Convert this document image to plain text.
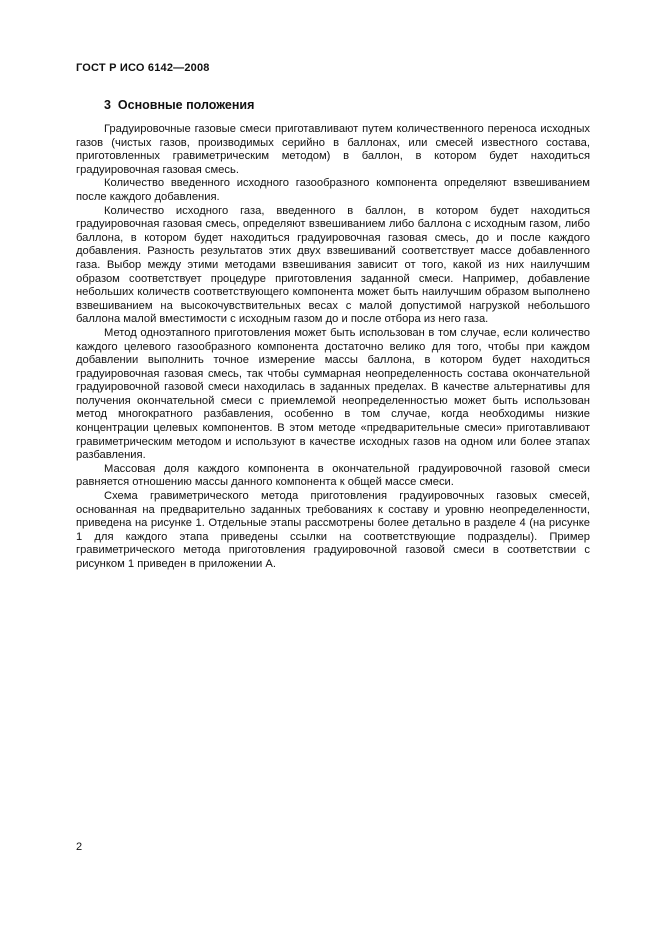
ГОСТ Р ИСО 6142—2008
3  Основные положения

Градуировочные газовые смеси приготавливают путем количественного переноса исходных газов (чистых газов, производимых серийно в баллонах, или смесей известного состава, приготовленных гравиметрическим методом) в баллон, в котором будет находиться градуировочная газовая смесь.

Количество введенного исходного газообразного компонента определяют взвешиванием после каждого добавления.

Количество исходного газа, введенного в баллон, в котором будет находиться градуировочная газовая смесь, определяют взвешиванием либо баллона с исходным газом, либо баллона, в котором будет находиться градуировочная газовая смесь, до и после каждого добавления. Разность результатов этих двух взвешиваний соответствует массе добавленного газа. Выбор между этими методами взвешивания зависит от того, какой из них наилучшим образом соответствует процедуре приготовления заданной смеси. Например, добавление небольших количеств соответствующего компонента может быть наилучшим образом выполнено взвешиванием на высокочувствительных весах с малой допустимой нагрузкой небольшого баллона малой вместимости с исходным газом до и после отбора из него газа.

Метод одноэтапного приготовления может быть использован в том случае, если количество каждого целевого газообразного компонента достаточно велико для того, чтобы при каждом добавлении выполнить точное измерение массы баллона, в котором будет находиться градуировочная газовая смесь, так чтобы суммарная неопределенность состава окончательной градуировочной газовой смеси находилась в заданных пределах. В качестве альтернативы для получения окончательной смеси с приемлемой неопределенностью может быть использован метод многократного разбавления, особенно в том случае, когда необходимы низкие концентрации целевых компонентов. В этом методе «предварительные смеси» приготавливают гравиметрическим методом и используют в качестве исходных газов на одном или более этапах разбавления.

Массовая доля каждого компонента в окончательной градуировочной газовой смеси равняется отношению массы данного компонента к общей массе смеси.

Схема гравиметрического метода приготовления градуировочных газовых смесей, основанная на предварительно заданных требованиях к составу и уровню неопределенности, приведена на рисунке 1. Отдельные этапы рассмотрены более детально в разделе 4 (на рисунке 1 для каждого этапа приведены ссылки на соответствующие подразделы). Пример гравиметрического метода приготовления градуировочной газовой смеси в соответствии с рисунком 1 приведен в приложении А.

2
